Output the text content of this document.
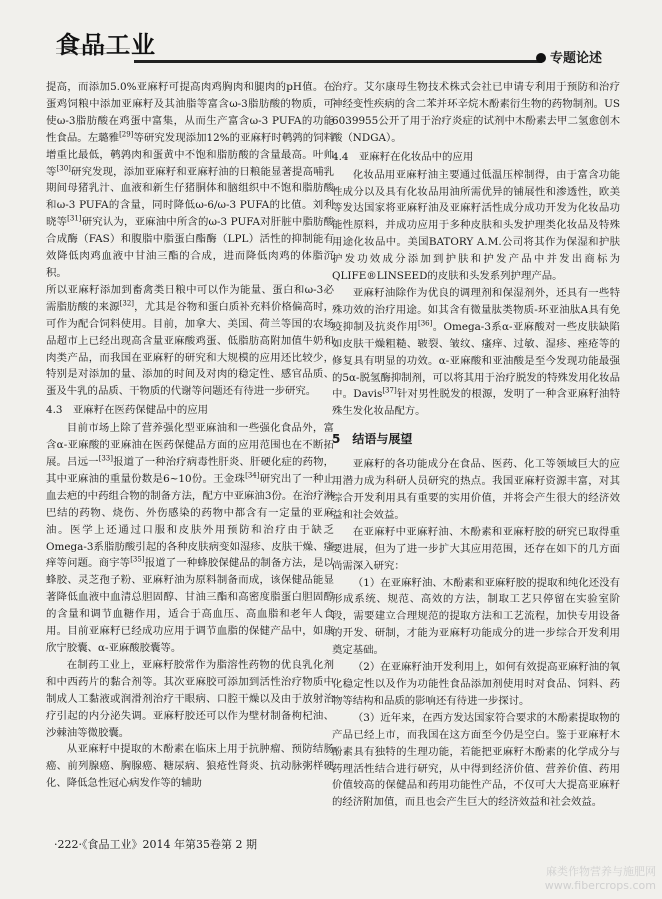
食品工业	专题论述

提高，而添加5.0%亚麻籽可提高肉鸡胸肉和腿肉的pH值。在蛋鸡饲粮中添加亚麻籽及其油脂等富含ω-3脂肪酸的物质，可使ω-3脂肪酸在鸡蛋中富集，从而生产富含ω-3 PUFA的功能性食品。左璐雅[29]等研究发现添加12%的亚麻籽时鹌鹑的饲料增重比最低，鹌鹑肉和蛋黄中不饱和脂肪酸的含量最高。叶帅等[30]研究发现，添加亚麻籽和亚麻籽油的日粮能显著提高哺乳期间母猪乳汁、血液和新生仔猪胴体和脑组织中不饱和脂肪酸和ω-3 PUFA的含量，同时降低ω-6/ω-3 PUFA的比值。刘利晓等[31]研究认为，亚麻油中所含的ω-3 PUFA对肝脏中脂肪酸合成酶（FAS）和腹脂中脂蛋白酯酶（LPL）活性的抑制能有效降低肉鸡血液中甘油三酯的合成，进而降低肉鸡的体脂沉积。

所以亚麻籽添加到畜禽类日粮中可以作为能量、蛋白和ω-3必需脂肪酸的来源[32]，尤其是谷物和蛋白质补充料价格偏高时，可作为配合饲料使用。目前，加拿大、美国、荷兰等国的农场品超市上已经出现高含量亚麻酸鸡蛋、低脂肪高附加值牛奶和肉类产品，而我国在亚麻籽的研究和大规模的应用还比较少，特别是对添加的量、添加的时间及对肉的稳定性、感官品质、蛋及牛乳的品质、干物质的代谢等问题还有待进一步研究。

4.3　亚麻籽在医药保健品中的应用

目前市场上除了营养强化型亚麻油和一些强化食品外，富含α-亚麻酸的亚麻油在医药保健品方面的应用范围也在不断拓展。吕远一[33]报道了一种治疗病毒性肝炎、肝硬化症的药物，其中亚麻油的重量份数是6~10份。王金珠[34]研究出了一种止血去疤的中药组合物的制备方法，配方中亚麻油3份。在治疗淋巴结的药物、烧伤、外伤感染的药物中都含有一定量的亚麻油。医学上还通过口服和皮肤外用预防和治疗由于缺乏Omega-3系脂肪酸引起的各种皮肤病变如湿疹、皮肤干燥、瘙痒等问题。商宇等[35]报道了一种蜂胶保健品的制备方法，是以蜂胶、灵芝孢子粉、亚麻籽油为原料制备而成，该保健品能显著降低血液中血清总胆固醇、甘油三酯和高密度脂蛋白胆固醇的含量和调节血糖作用，适合于高血压、高血脂和老年人食用。目前亚麻籽已经成功应用于调节血脂的保健产品中，如康欣宁胶囊、α-亚麻酸胶囊等。

在制药工业上，亚麻籽胶常作为脂溶性药物的优良乳化剂和中西药片的黏合剂等。其次亚麻胶可添加到活性治疗物质中制成人工黏液或润滑剂治疗干眼病、口腔干燥以及由于放射治疗引起的内分泌失调。亚麻籽胶还可以作为壁材制备枸杞油、沙棘油等微胶囊。

从亚麻籽中提取的木酚素在临床上用于抗肿瘤、预防结肠癌、前列腺癌、胸腺癌、糖尿病、狼疮性肾炎、抗动脉粥样硬化、降低急性冠心病发作等的辅助

治疗。艾尔康母生物技术株式会社已申请专利用于预防和治疗神经变性疾病的含二苯并环辛烷木酚素衍生物的药物制剂。US 6039955公开了用于治疗炎症的试剂中木酚素去甲二氢愈创木酸（NDGA）。

4.4　亚麻籽在化妆品中的应用

化妆品用亚麻籽油主要通过低温压榨制得，由于富含功能性成分以及具有化妆品用油所需优异的铺展性和渗透性，欧美等发达国家将亚麻籽油及亚麻籽活性成分成功开发为化妆品功能性原料，并成功应用于多种皮肤和头发护理类化妆品及特殊用途化妆品中。美国BATORY A.M.公司将其作为保湿和护肤护发功效成分添加到护肤和护发产品中并发出商标为QLIFE®LINSEED的皮肤和头发系列护理产品。

亚麻籽油除作为优良的调理剂和保湿剂外，还具有一些特殊功效的治疗用途。如其含有微量肽类物质-环亚油肽A具有免疫抑制及抗炎作用[36]。Omega-3系α-亚麻酸对一些皮肤缺陷如皮肤干燥粗糙、皲裂、皱纹、瘙痒、过敏、湿疹、痤疮等的修复具有明显的功效。α-亚麻酸和亚油酸是至今发现功能最强的5α-脱氢酶抑制剂，可以将其用于治疗脱发的特殊发用化妆品中。Davis[37]针对男性脱发的根源，发明了一种含亚麻籽油特殊生发化妆品配方。

5　结语与展望

亚麻籽的各功能成分在食品、医药、化工等领域巨大的应用潜力成为科研人员研究的热点。我国亚麻籽资源丰富，对其综合开发利用具有重要的实用价值，并将会产生很大的经济效益和社会效益。

在亚麻籽中亚麻籽油、木酚素和亚麻籽胶的研究已取得重要进展，但为了进一步扩大其应用范围，还存在如下的几方面尚需深入研究：

（1）在亚麻籽油、木酚素和亚麻籽胶的提取和纯化还没有形成系统、规范、高效的方法，制取工艺只停留在实验室阶段，需要建立合理规范的提取方法和工艺流程，加快专用设备的开发、研制，才能为亚麻籽功能成分的进一步综合开发利用奠定基础。

（2）在亚麻籽油开发利用上，如何有效提高亚麻籽油的氧化稳定性以及作为功能性食品添加剂使用时对食品、饲料、药物等结构和品质的影响还有待进一步探讨。

（3）近年来，在西方发达国家符合要求的木酚素提取物的产品已经上市，而我国在这方面至今仍是空白。鉴于亚麻籽木酚素具有独特的生理功能，若能把亚麻籽木酚素的化学成分与药理活性结合进行研究，从中得到经济价值、营养价值、药用价值较高的保健品和药用功能性产品，不仅可大大提高亚麻籽的经济附加值，而且也会产生巨大的经济效益和社会效益。

·222·《食品工业》2014 年第35卷第 2 期
麻类作物营养与施肥网
www.fibercrops.com
